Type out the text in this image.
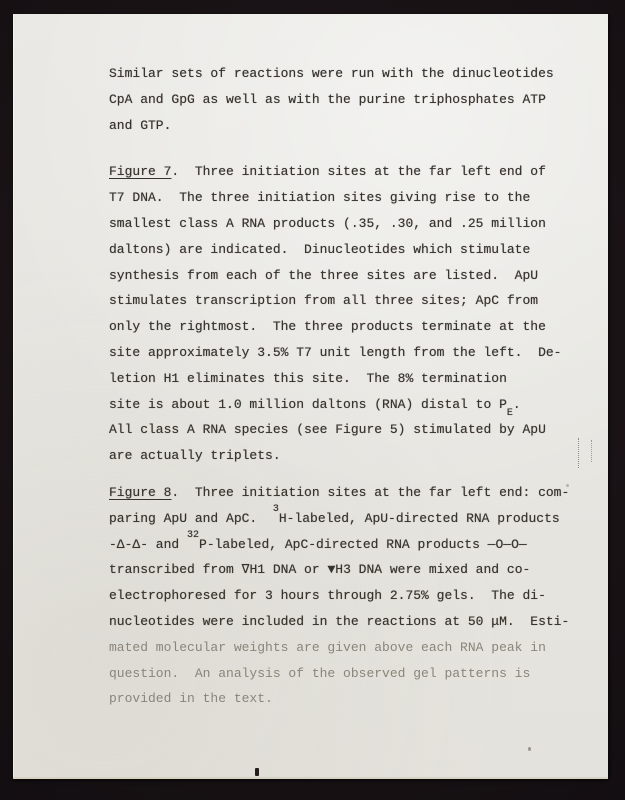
Similar sets of reactions were run with the dinucleotides
CpA and GpG as well as with the purine triphosphates ATP
and GTP.
Figure 7.  Three initiation sites at the far left end of
T7 DNA.  The three initiation sites giving rise to the
smallest class A RNA products (.35, .30, and .25 million
daltons) are indicated.  Dinucleotides which stimulate
synthesis from each of the three sites are listed.  ApU
stimulates transcription from all three sites; ApC from
only the rightmost.  The three products terminate at the
site approximately 3.5% T7 unit length from the left.  De-
letion H1 eliminates this site.  The 8% termination
site is about 1.0 million daltons (RNA) distal to $P_E$.
All class A RNA species (see Figure 5) stimulated by ApU
are actually triplets.
Figure 8.  Three initiation sites at the far left end: com-
paring ApU and ApC.  $^3$H-labeled, ApU-directed RNA products
-Δ-Δ- and $^{32}$P-labeled, ApC-directed RNA products —O—O—
transcribed from ∇H1 DNA or ▼H3 DNA were mixed and co-
electrophoresed for 3 hours through 2.75% gels.  The di-
nucleotides were included in the reactions at 50 μM.  Esti-
mated molecular weights are given above each RNA peak in
question.  An analysis of the observed gel patterns is
provided in the text.
